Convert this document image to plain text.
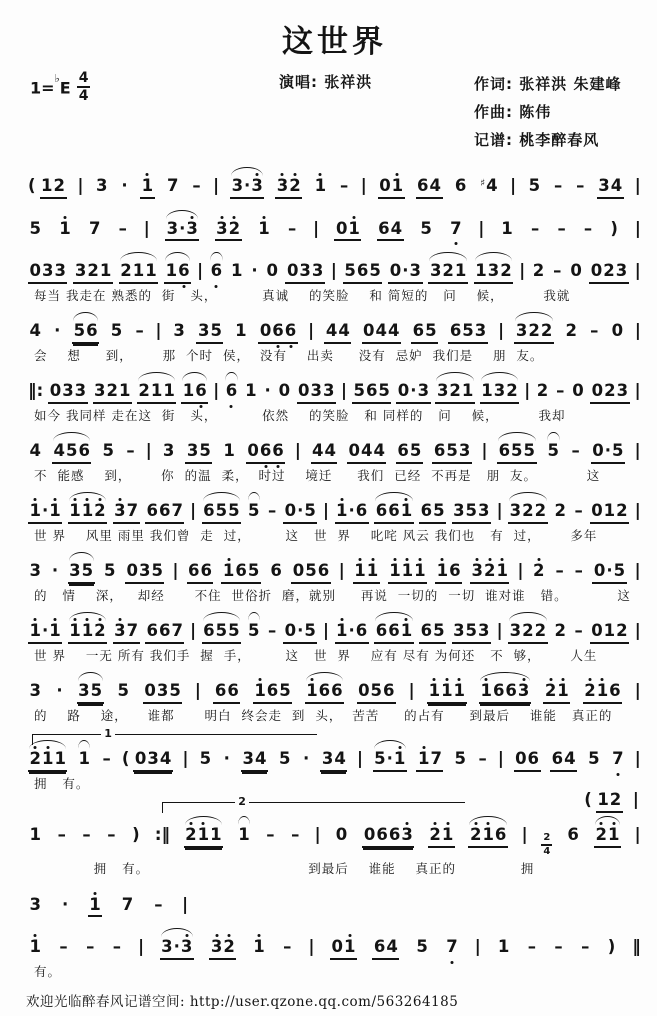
这世界
1=♭E
4
4
演唱: 张祥洪	作词: 张祥洪 朱建峰
作曲: 陈伟
记谱: 桃李醉春风
( 1 2 | 3 · 1 7 – | 3 · 3 3 2 1 – | 0 1 6 4 6 ♯ 4 | 5 – – 3 4 |
5 1 7 – | 3 · 3 3 2 1 – | 0 1 6 4 5 7 | 1 – – – ) |
0 3 3 3 2 1 2 1 1 1 6 | 6 1 · 0 0 3 3 | 5 6 5 0 · 3 3 2 1 1 3 2 | 2 – 0 0 2 3 |
每当 我走在 熟悉的  街   头，         真诚    的笑脸    和 简短的   问    候，        我就
4 · 5 6 5 – | 3 3 5 1 0 6 6 | 4 4 0 4 4 6 5 6 5 3 | 3 2 2 2 – 0 |
会    想     到，      那  个时  侯，  没有    出卖     没有  忌妒  我们是    朋  友。
‖: 0 3 3 3 2 1 2 1 1 1 6 | 6 1 · 0 0 3 3 | 5 6 5 0 · 3 3 2 1 1 3 2 | 2 – 0 0 2 3 |
如今 我同样 走在这  街   头，         依然    的笑脸   和 同样的   问    候，        我却
4 4 5 6 5 – | 3 3 5 1 0 6 6 | 4 4 0 4 4 6 5 6 5 3 | 6 5 5 5 – 0 · 5 |
不  能感    到，      你  的温  柔，  时过    境迁     我们  已经  不再是   朋  友。          这
1 · 1 1 1 2 3 7 6 6 7 | 6 5 5 5 – 0 · 5 | 1 · 6 6 6 1 6 5 3 5 3 | 3 2 2 2 – 0 1 2 |
世 界    风里 雨里 我们曾  走  过，       这   世  界    叱咤 风云 我们也   有  过，      多年
3 · 3 5 5 0 3 5 | 6 6 1 6 5 6 0 5 6 | 1 1 1 1 1 1 6 3 2 1 | 2 – – 0 · 5 |
的   情    深，   却经      不住  世俗折  磨，就别     再说  一切的  一切  谁对谁   错。          这
1 · 1 1 1 2 3 7 6 6 7 | 6 5 5 5 – 0 · 5 | 1 · 6 6 6 1 6 5 3 5 3 | 3 2 2 2 – 0 1 2 |
世 界    一无 所有 我们手  握  手，       这   世  界    应有 尽有 为何还   不  够，      人生
3 · 3 5 5 0 3 5 | 6 6 1 6 5 1 6 6 0 5 6 | 1 1 1 1 6 6 3 2 1 2 1 6 |
的    路    途，    谁都      明白  终会走  到  头，  苦苦     的占有     到最后    谁能   真正的
1
2 1 1 1 – ( 0 3 4 | 5 · 3 4 5 · 3 4 | 5 · 1 1 7 5 – | 0 6 6 4 5 7 |
拥   有。
2	( 1 2 |
1 – – – ) :‖ 2 1 1 1 – – | 0 0 6 6 3 2 1 2 1 6 | $\frac{2}{4} 6$ 2 1 |
拥   有。                                到最后    谁能    真正的             拥
3 · 1 7 – |
1 – – – | 3 · 3 3 2 1 – | 0 1 6 4 5 7 | 1 – – – ) ‖
有。
欢迎光临醉春风记谱空间: http://user.qzone.qq.com/563264185
